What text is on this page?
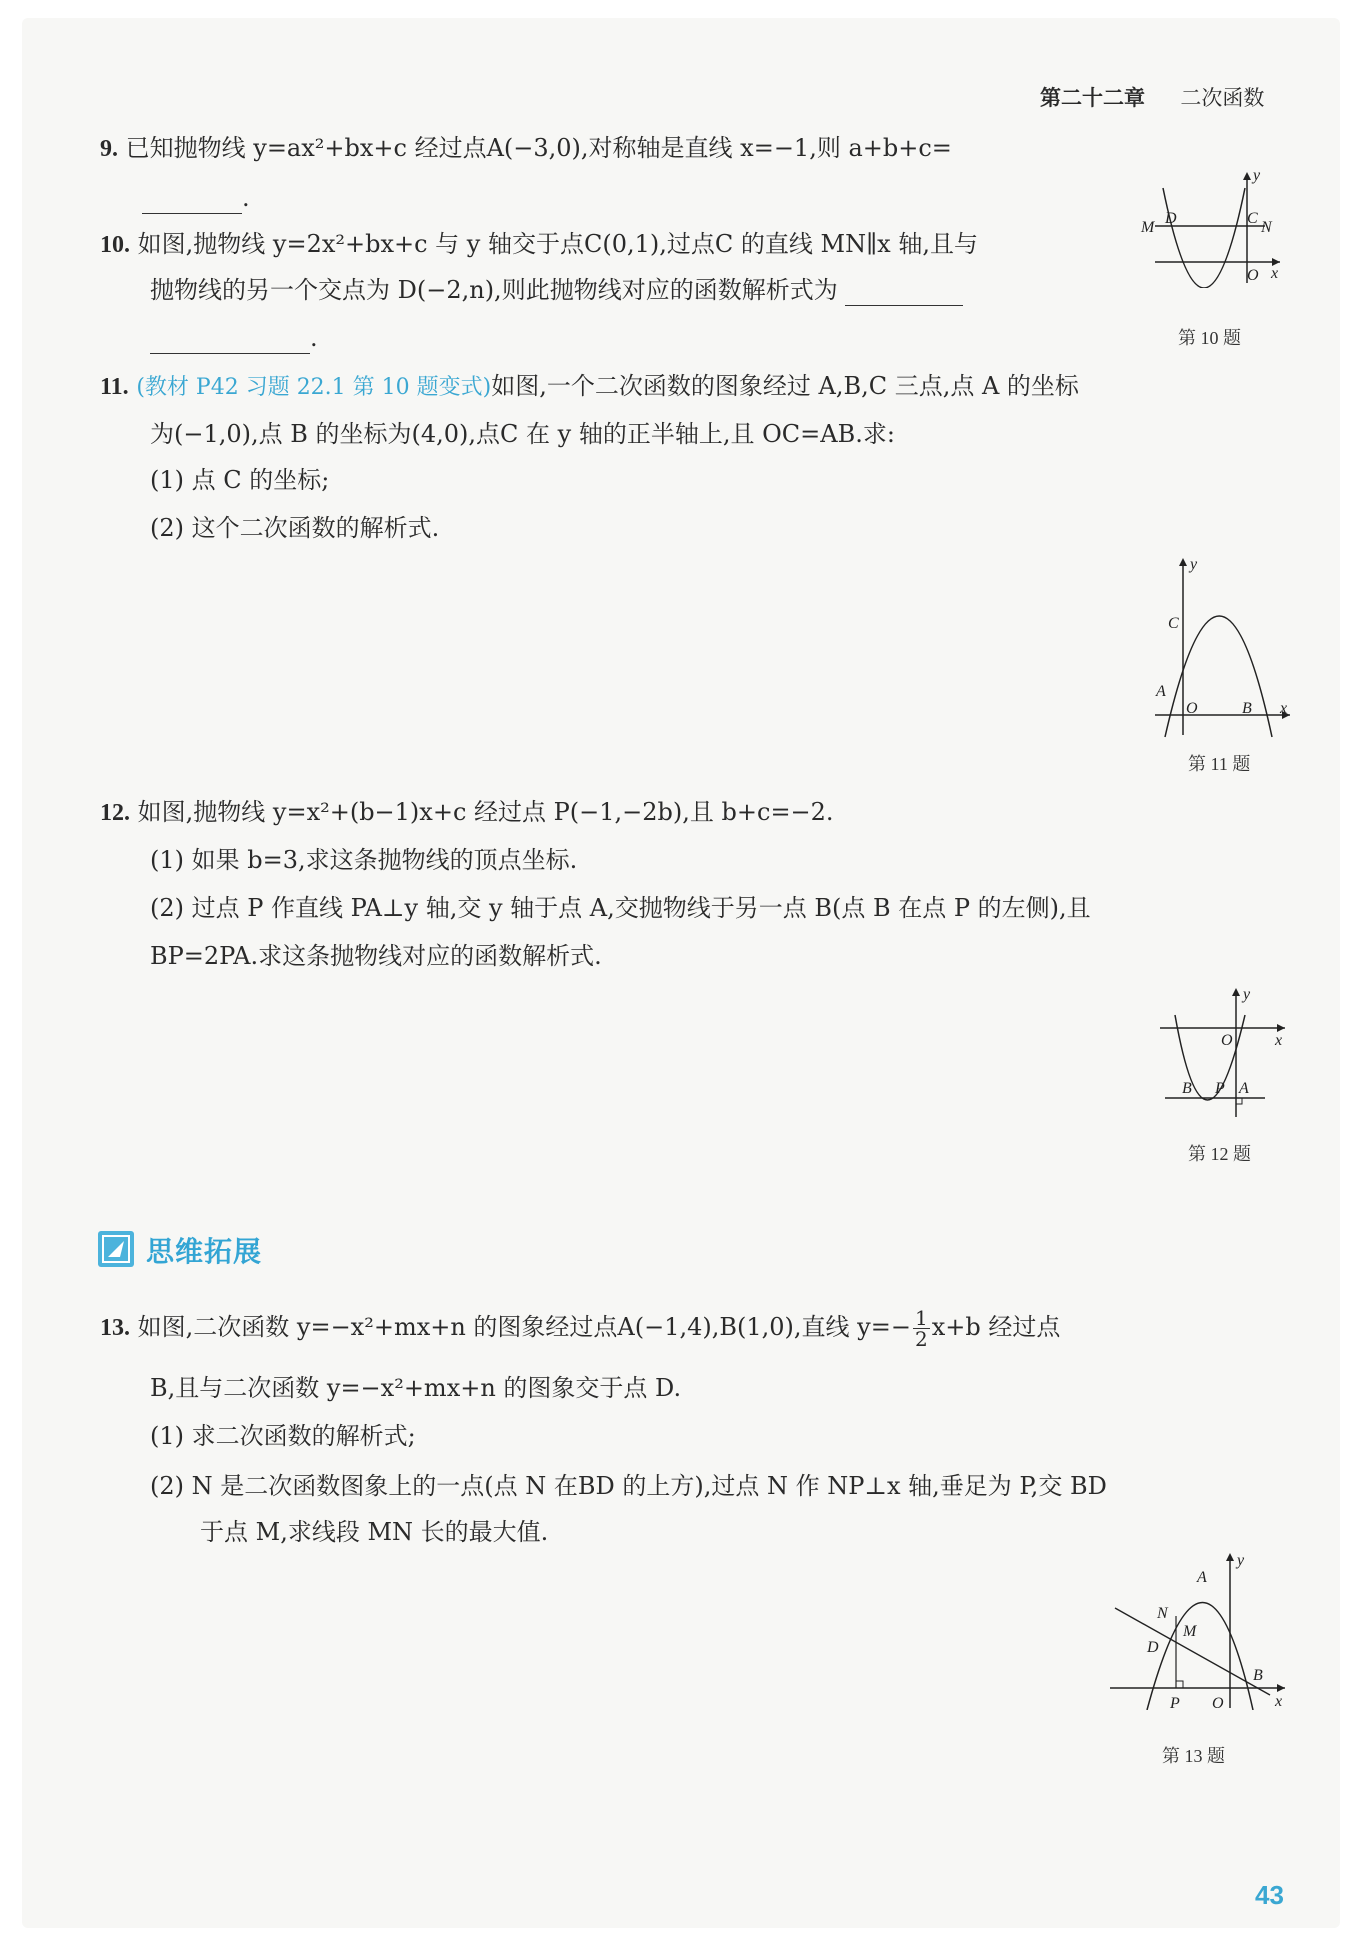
第二十二章 二次函数
9. 已知抛物线 y=ax²+bx+c 经过点A(−3,0),对称轴是直线 x=−1,则 a+b+c=
.
10. 如图,抛物线 y=2x²+bx+c 与 y 轴交于点C(0,1),过点C 的直线 MN∥x 轴,且与
抛物线的另一个交点为 D(−2,n),则此抛物线对应的函数解析式为
.
y
x
M
D	C
N
O
第 10 题
11. (教材 P42 习题 22.1 第 10 题变式)如图,一个二次函数的图象经过 A,B,C 三点,点 A 的坐标
为(−1,0),点 B 的坐标为(4,0),点C 在 y 轴的正半轴上,且 OC=AB.求:
(1) 点 C 的坐标;
(2) 这个二次函数的解析式.
y
x
C
A
O	B
第 11 题
12. 如图,抛物线 y=x²+(b−1)x+c 经过点 P(−1,−2b),且 b+c=−2.
(1) 如果 b=3,求这条抛物线的顶点坐标.
(2) 过点 P 作直线 PA⊥y 轴,交 y 轴于点 A,交抛物线于另一点 B(点 B 在点 P 的左侧),且
BP=2PA.求这条抛物线对应的函数解析式.
y
x
O
B P A
第 12 题
思维拓展
13. 如图,二次函数 y=−x²+mx+n 的图象经过点A(−1,4),B(1,0),直线 $y=- \frac{1}{2} x+b$ 经过点
B,且与二次函数 y=−x²+mx+n 的图象交于点 D.
(1) 求二次函数的解析式;
(2) N 是二次函数图象上的一点(点 N 在BD 的上方),过点 N 作 NP⊥x 轴,垂足为 P,交 BD
于点 M,求线段 MN 长的最大值.
y
x
A
N
M
D
B
P O
第 13 题
43
